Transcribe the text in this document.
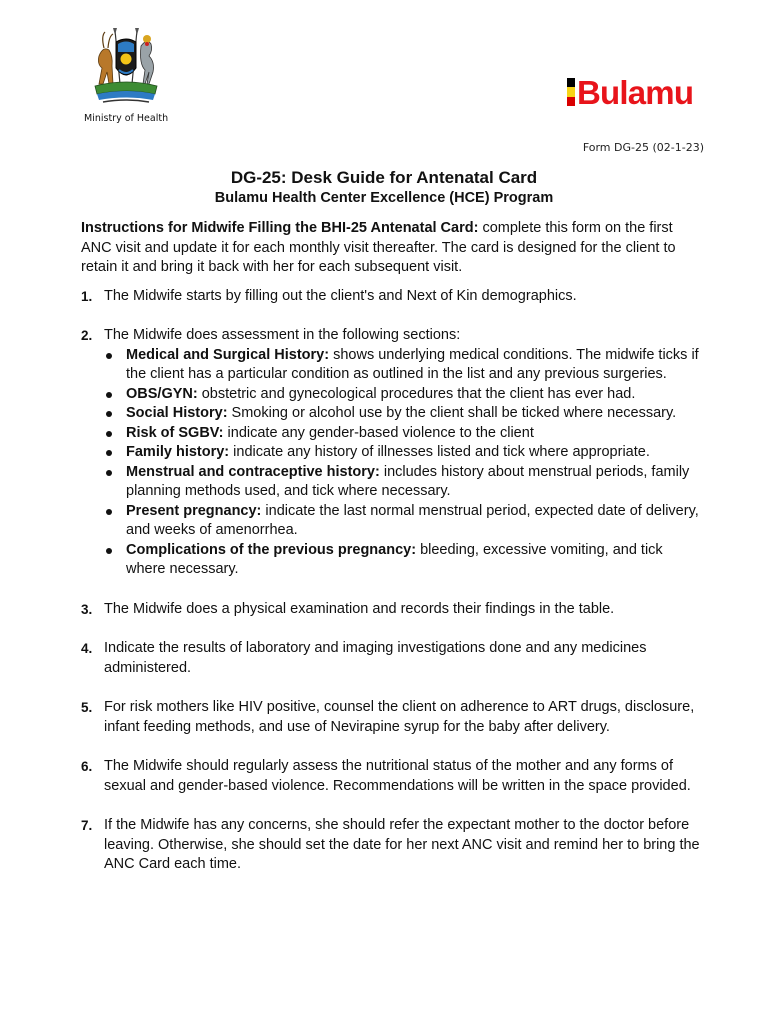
Ministry of Health
Bulamu
Form DG-25 (02-1-23)
DG-25: Desk Guide for Antenatal Card
Bulamu Health Center Excellence (HCE) Program

Instructions for Midwife Filling the BHI-25 Antenatal Card: complete this form on the first ANC visit and update it for each monthly visit thereafter. The card is designed for the client to retain it and bring it back with her for each subsequent visit.

1. The Midwife starts by filling out the client's and Next of Kin demographics.
2. The Midwife does assessment in the following sections:
Medical and Surgical History: shows underlying medical conditions. The midwife ticks if the client has a particular condition as outlined in the list and any previous surgeries.
OBS/GYN: obstetric and gynecological procedures that the client has ever had.
Social History: Smoking or alcohol use by the client shall be ticked where necessary.
Risk of SGBV: indicate any gender-based violence to the client
Family history: indicate any history of illnesses listed and tick where appropriate.
Menstrual and contraceptive history: includes history about menstrual periods, family planning methods used, and tick where necessary.
Present pregnancy: indicate the last normal menstrual period, expected date of delivery, and weeks of amenorrhea.
Complications of the previous pregnancy: bleeding, excessive vomiting, and tick where necessary.
3. The Midwife does a physical examination and records their findings in the table.
4. Indicate the results of laboratory and imaging investigations done and any medicines administered.
5. For risk mothers like HIV positive, counsel the client on adherence to ART drugs, disclosure, infant feeding methods, and use of Nevirapine syrup for the baby after delivery.
6. The Midwife should regularly assess the nutritional status of the mother and any forms of sexual and gender-based violence. Recommendations will be written in the space provided.
7. If the Midwife has any concerns, she should refer the expectant mother to the doctor before leaving. Otherwise, she should set the date for her next ANC visit and remind her to bring the ANC Card each time.
